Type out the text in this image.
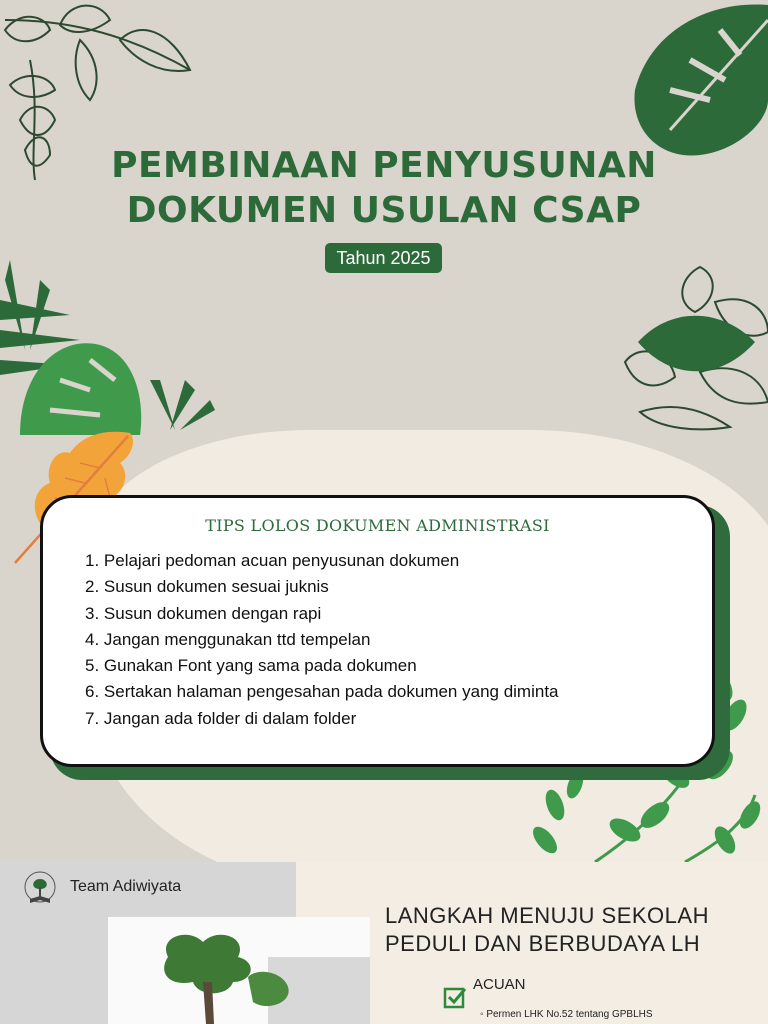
PEMBINAAN PENYUSUNAN
DOKUMEN USULAN CSAP
Tahun 2025
TIPS LOLOS DOKUMEN ADMINISTRASI
1. Pelajari pedoman acuan penyusunan dokumen
2. Susun dokumen sesuai juknis
3. Susun dokumen dengan rapi
4. Jangan menggunakan ttd tempelan
5. Gunakan Font yang sama pada dokumen
6. Sertakan halaman pengesahan pada dokumen yang diminta
7. Jangan ada folder di dalam folder
Team Adiwiyata
LANGKAH MENUJU SEKOLAH
PEDULI DAN BERBUDAYA LH
ACUAN
◦ Permen LHK No.52 tentang GPBLHS
